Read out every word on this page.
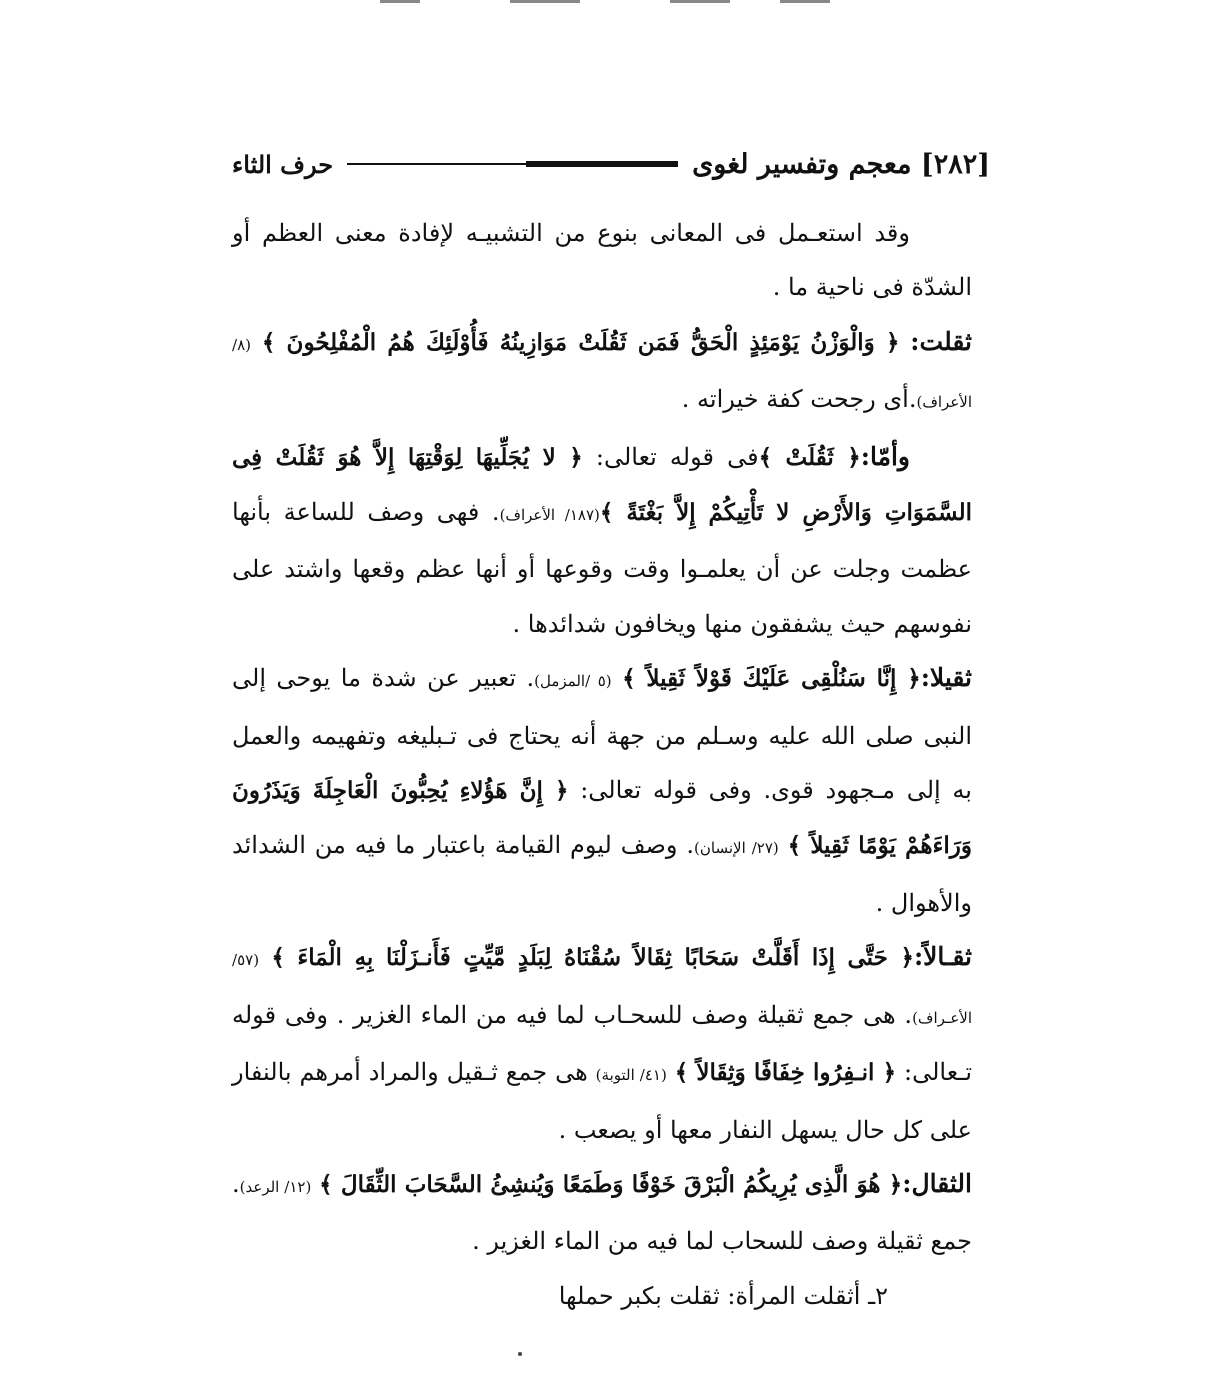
[٢٨٢] معجم وتفسير لغوى
حرف الثاء

وقد استعـمل فى المعانى بنوع من التشبيـه لإفادة معنى العظم أو الشدّة فى ناحية ما .

ثقلت: ﴿ وَالْوَزْنُ يَوْمَئِذٍ الْحَقُّ فَمَن ثَقُلَتْ مَوَازِينُهُ فَأُوْلَئِكَ هُمُ الْمُفْلِحُونَ ﴾ (٨/ الأعراف).أى رجحت كفة خيراته .

وأمّا:﴿ ثَقُلَتْ ﴾فى قوله تعالى: ﴿ لا يُجَلِّيهَا لِوَقْتِهَا إِلاَّ هُوَ ثَقُلَتْ فِى السَّمَوَاتِ وَالأَرْضِ لا تَأْتِيكُمْ إِلاَّ بَغْتَةً ﴾(١٨٧/ الأعراف). فهى وصف للساعة بأنها عظمت وجلت عن أن يعلمـوا وقت وقوعها أو أنها عظم وقعها واشتد على نفوسهم حيث يشفقون منها ويخافون شدائدها .

ثقيلا:﴿ إِنَّا سَنُلْقِى عَلَيْكَ قَوْلاً ثَقِيلاً ﴾ (٥ /المزمل). تعبير عن شدة ما يوحى إلى النبى صلى الله عليه وسـلم من جهة أنه يحتاج فى تـبليغه وتفهيمه والعمل به إلى مـجهود قوى. وفى قوله تعالى: ﴿ إِنَّ هَؤُلاءِ يُحِبُّونَ الْعَاجِلَةَ وَيَذَرُونَ وَرَاءَهُمْ يَوْمًا ثَقِيلاً ﴾ (٢٧/ الإنسان). وصف ليوم القيامة باعتبار ما فيه من الشدائد والأهوال .

ثقـالاً:﴿ حَتَّى إِذَا أَقَلَّتْ سَحَابًا ثِقَالاً سُقْنَاهُ لِبَلَدٍ مَّيِّتٍ فَأَنـزَلْنَا بِهِ الْمَاءَ ﴾ (٥٧/ الأعـراف). هى جمع ثقيلة وصف للسحـاب لما فيه من الماء الغزير . وفى قوله تـعالى: ﴿ انـفِرُوا خِفَافًا وَثِقَالاً ﴾ (٤١/ التوبة) هى جمع ثـقيل والمراد أمرهم بالنفار على كل حال يسهل النفار معها أو يصعب .

الثقال:﴿ هُوَ الَّذِى يُرِيكُمُ الْبَرْقَ خَوْفًا وَطَمَعًا وَيُنشِئُ السَّحَابَ الثِّقَالَ ﴾ (١٢/ الرعد). جمع ثقيلة وصف للسحاب لما فيه من الماء الغزير .

٢ـ أثقلت المرأة: ثقلت بكبر حملها
